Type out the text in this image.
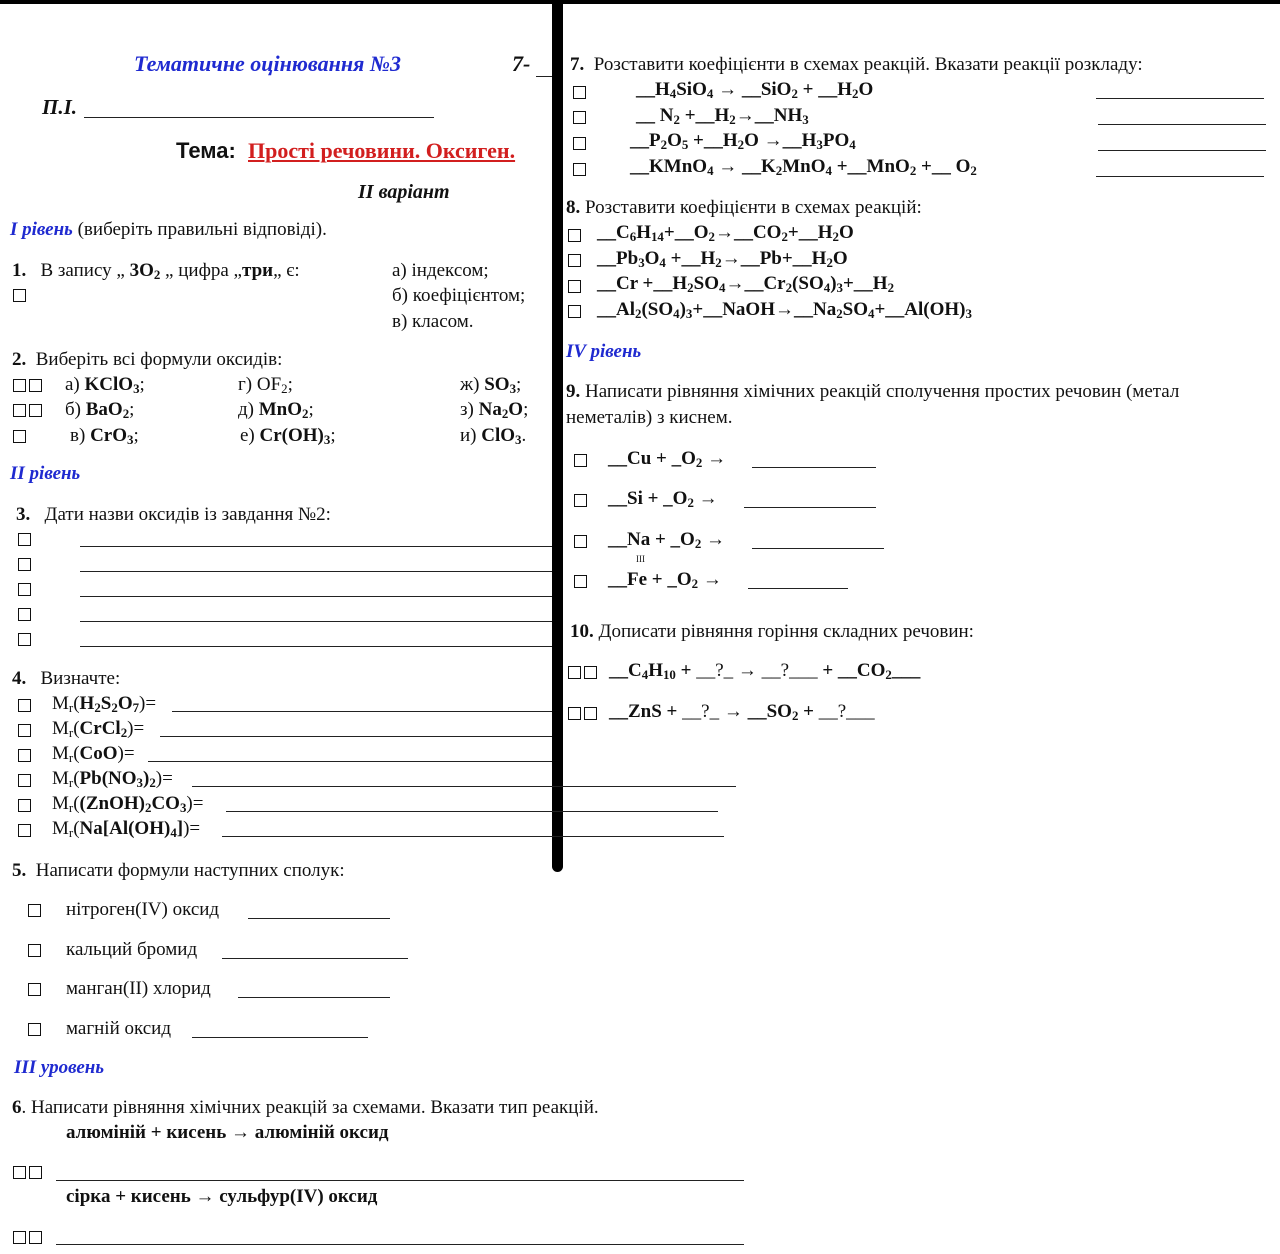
Тематичне оцінювання №3	7-
П.І.
Тема: Прості речовини. Оксиген.
ІІ варіант
І рівень (виберіть правильні відповіді).
1. В запису „ $3O_2$ „ цифра „три„ є:	а) індексом;
б) коефіцієнтом;
в) класом.
2. Виберіть всі формули оксидів:
а) KClO$_3$;
б) BaO$_2$;
в) CrO$_3$;
г) $OF_2$;
д) MnO$_2$;
е) $Cr(OH)_3$;
ж) $SO_3$;
з) $Na_2O$;
и) ClO$_3$.
ІІ рівень
3. Дати назви оксидів із завдання №2:
4. Визначте:
$M_r(H_2S_2O_7)=$
$M_r(CrCl_2)=$
$M_r(CoO)=$
$M_r(Pb(NO_3)_2)=$
$M_r((ZnOH)_2CO_3)=$
$M_r(Na[Al(OH)_4])=$
5. Написати формули наступних сполук:
нітроген(IV) оксид
кальций бромид
манган(II) хлорид
магній оксид
ІІІ уровень
6. Написати рівняння хімічних реакцій за схемами. Вказати тип реакцій.
алюміній + кисень → алюміній оксид
сірка + кисень → сульфур(IV) оксид
7. Розставити коефіцієнти в схемах реакцій. Вказати реакції розкладу:
$\_\_H_4SiO_4$ → __SiO$_2$ + $\_\_H_2O$
__ $N_2$ $+\_\_H_2\to\_\_NH_3$
$\_\_P_2O_5$ $+\_\_H_2O$ $\to\_\_H_3PO_4$
__KMnO$_4$ → $\_\_K_2MnO_4$ +__MnO$_2$ +__ $O_2$
8. Розставити коефіцієнти в схемах реакцій:
$\_\_C_6H_{14}+\_\_O_2\to\_\_CO_2+\_\_H_2O$
$\_\_Pb_3O_4$ $+\_\_H_2\to\_\_Pb+\_\_H_2O$
__Cr $+\_\_H_2SO_4\to\_\_Cr_2(SO_4)_3+\_\_H_2$
$\_\_Al_2(SO_4)_3+\_\_NaOH\to\_\_Na_2SO_4+\_\_Al(OH)_3$
IV рівень
9. Написати рівняння хімічних реакцій сполучення простих речовин (метал
неметалів) з киснем.
__Cu + $\_O_2$ →
__Si + $\_O_2$ →
__Na + $\_O_2$ →
III
__Fe + $\_O_2$ →
10. Дописати рівняння горіння складних речовин:
$\_\_C_4H_{10}$ + __?_ → __?___ + $\_\_CO_2\_\_\_$
__ZnS + __?_ → $\_\_SO_2$ + __?___
